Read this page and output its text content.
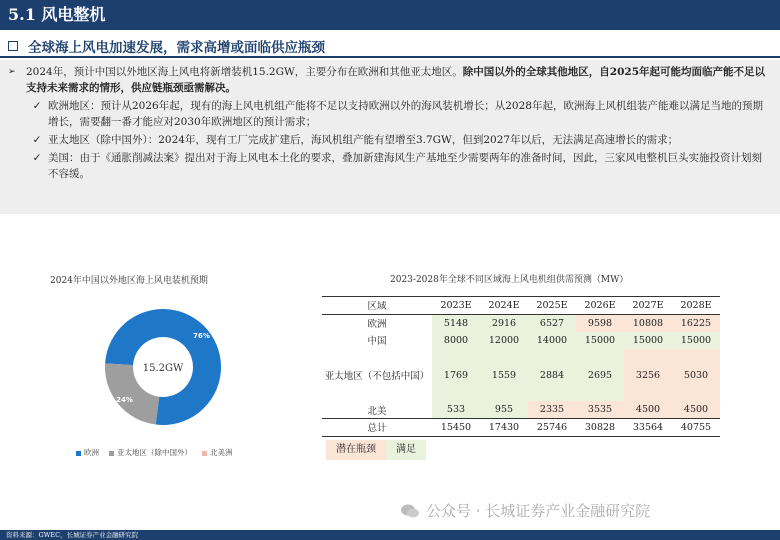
5.1 风电整机
全球海上风电加速发展，需求高增或面临供应瓶颈
➢ 2024年，预计中国以外地区海上风电将新增装机15.2GW，主要分布在欧洲和其他亚太地区。除中国以外的全球其他地区，自2025年起可能均面临产能不足以支持未来需求的情形，供应链瓶颈亟需解决。
✓ 欧洲地区：预计从2026年起，现有的海上风电机组产能将不足以支持欧洲以外的海风装机增长；从2028年起，欧洲海上风机组装产能难以满足当地的预期增长，需要翻一番才能应对2030年欧洲地区的预计需求；
✓ 亚太地区（除中国外）：2024年，现有工厂完成扩建后，海风机组产能有望增至3.7GW，但到2027年以后，无法满足高速增长的需求；
✓ 美国：由于《通胀削减法案》提出对于海上风电本土化的要求，叠加新建海风生产基地至少需要两年的准备时间，因此，三家风电整机巨头实施投资计划刻不容缓。
2024年中国以外地区海上风电装机预期
76%
24%
15.2GW
欧洲	亚太地区（除中国外）	北美洲
2023-2028年全球不同区域海上风电机组供需预测（MW）
区域	2023E	2024E	2025E	2026E	2027E	2028E
欧洲	5148	2916	6527	9598	10808	16225
中国	8000	12000	14000	15000	15000	15000
亚太地区（不包括中国）	1769	1559	2884	2695	3256	5030
北美	533	955	2335	3535	4500	4500
总计	15450	17430	25746	30828	33564	40755
潜在瓶颈	满足
公众号 · 长城证券产业金融研究院
资料来源：GWEC，长城证券产业金融研究院
